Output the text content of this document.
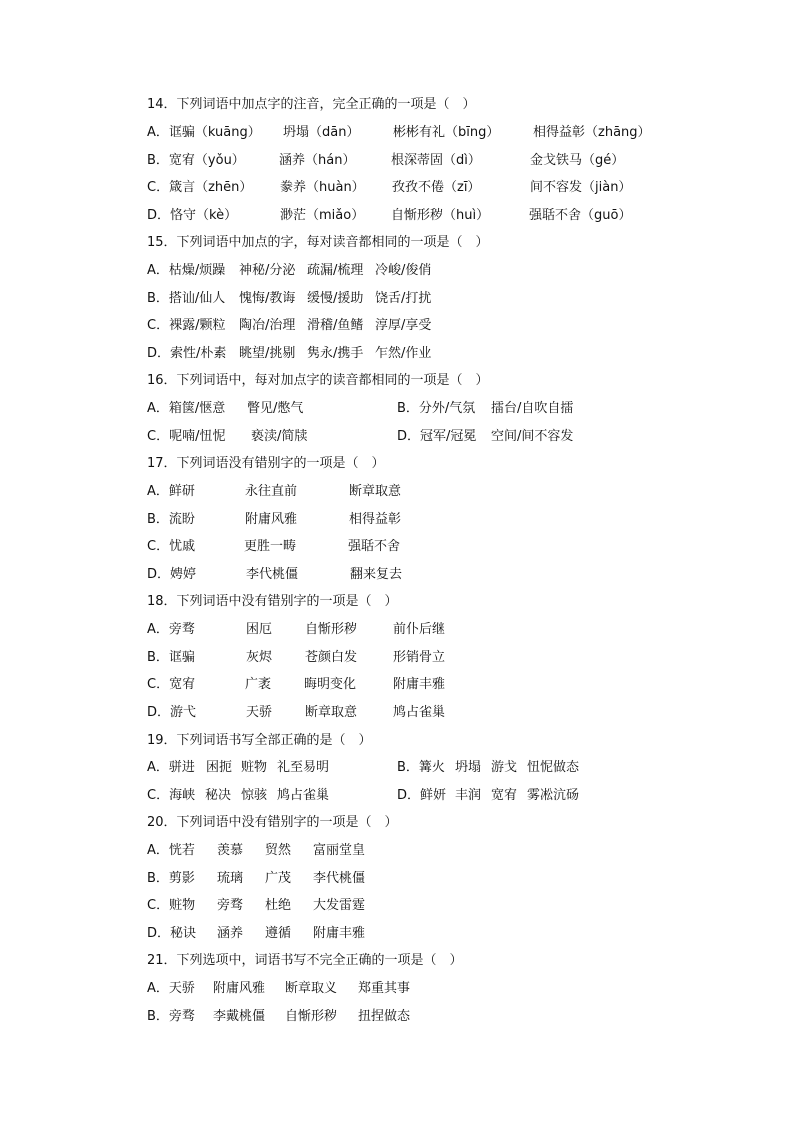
14．下列词语中加点字的注音，完全正确的一项是（　）
A．诓骗（kuāng） 坍塌（dān）	彬彬有礼（bīng）	相得益彰（zhāng）
B．宽宥（yǒu）	涵养（hán）	根深蒂固（dì）	金戈铁马（gé）
C．箴言（zhēn） 豢养（huàn） 孜孜不倦（zī）	间不容发（jiàn）
D．恪守（kè）	渺茫（miǎo） 自惭形秽（huì）	强聒不舍（guō）
15．下列词语中加点的字，每对读音都相同的一项是（　）
A．枯燥/烦躁 神秘/分泌 疏漏/梳理 冷峻/俊俏
B．搭讪/仙人 愧悔/教诲 缓慢/援助 饶舌/打扰
C．裸露/颗粒 陶冶/治理 滑稽/鱼鳍 淳厚/享受
D．索性/朴素 眺望/挑剔 隽永/携手 乍然/作业
16．下列词语中，每对加点字的读音都相同的一项是（　）
A．箱箧/惬意 瞥见/憋气	B．分外/气氛 擂台/自吹自擂
C．呢喃/忸怩 亵渎/简牍	D．冠军/冠冕 空间/间不容发
17．下列词语没有错别字的一项是（　）
A．鲜研	永往直前	断章取意
B．流盼	附庸风雅	相得益彰
C．忧戚	更胜一畴	强聒不舍
D．娉婷	李代桃僵	翻来复去
18．下列词语中没有错别字的一项是（　）
A．旁骛	困厄	自惭形秽	前仆后继
B．诓骗	灰烬	苍颜白发	形销骨立
C．宽宥	广袤	晦明变化	附庸丰雅
D．游弋	天骄	断章取意	鸠占雀巢
19．下列词语书写全部正确的是（　）
A．骈进 困扼 赃物 礼至易明	B．篝火 坍塌 游戈 忸怩做态
C．海峡 秘决 惊骇 鸠占雀巢	D．鲜妍 丰润 宽宥 雾凇沆砀
20．下列词语中没有错别字的一项是（　）
A．恍若 羡慕 贸然 富丽堂皇
B．剪影 琉璃 广茂 李代桃僵
C．赃物 旁骛 杜绝 大发雷霆
D．秘诀 涵养 遵循 附庸丰雅
21．下列选项中，词语书写不完全正确的一项是（　）
A．天骄 附庸风雅 断章取义 郑重其事
B．旁骛 李戴桃僵 自惭形秽 扭捏做态
